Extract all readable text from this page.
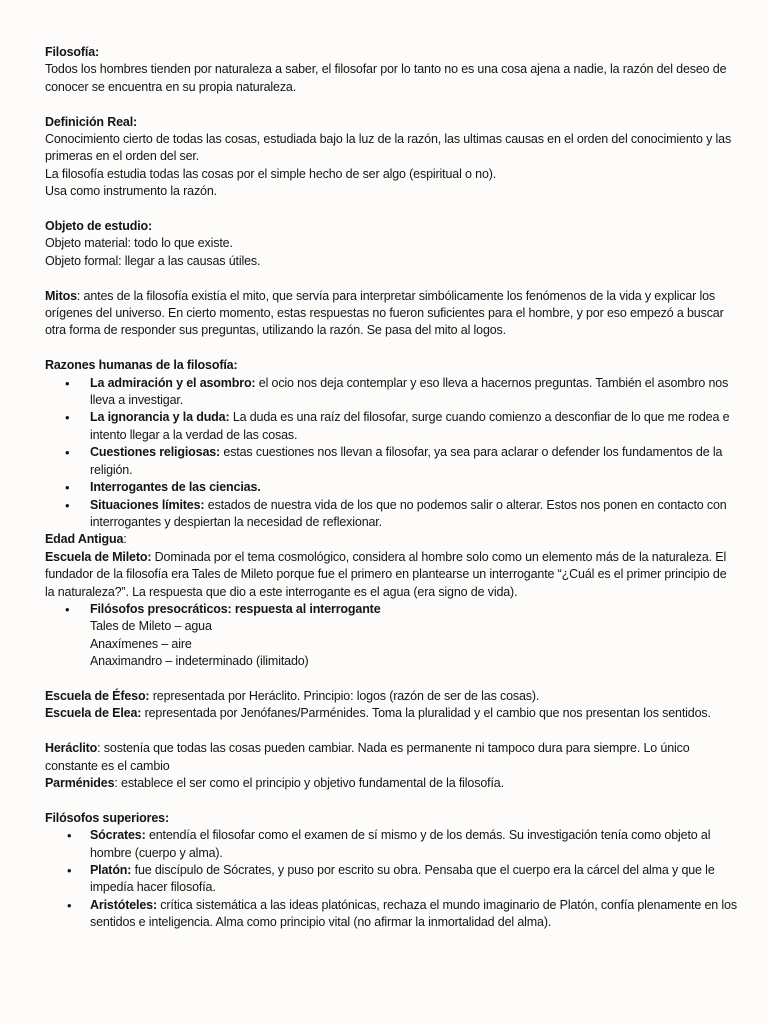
Filosofía:

Todos los hombres tienden por naturaleza a saber, el filosofar por lo tanto no es una cosa ajena a nadie, la razón del deseo de conocer se encuentra en su propia naturaleza.

Definición Real:

Conocimiento cierto de todas las cosas, estudiada bajo la luz de la razón, las ultimas causas en el orden del conocimiento y las primeras en el orden del ser.

La filosofía estudia todas las cosas por el simple hecho de ser algo (espiritual o no).

Usa como instrumento la razón.

Objeto de estudio:

Objeto material: todo lo que existe.

Objeto formal: llegar a las causas útiles.

Mitos: antes de la filosofía existía el mito, que servía para interpretar simbólicamente los fenómenos de la vida y explicar los orígenes del universo. En cierto momento, estas respuestas no fueron suficientes para el hombre, y por eso empezó a buscar otra forma de responder sus preguntas, utilizando la razón. Se pasa del mito al logos.

Razones humanas de la filosofía:

• La admiración y el asombro: el ocio nos deja contemplar y eso lleva a hacernos preguntas. También el asombro nos lleva a investigar.
• La ignorancia y la duda: La duda es una raíz del filosofar, surge cuando comienzo a desconfiar de lo que me rodea e intento llegar a la verdad de las cosas.
• Cuestiones religiosas: estas cuestiones nos llevan a filosofar, ya sea para aclarar o defender los fundamentos de la religión.
• Interrogantes de las ciencias.
• Situaciones límites: estados de nuestra vida de los que no podemos salir o alterar. Estos nos ponen en contacto con interrogantes y despiertan la necesidad de reflexionar.

Edad Antigua:

Escuela de Mileto: Dominada por el tema cosmológico, considera al hombre solo como un elemento más de la naturaleza. El fundador de la filosofía era Tales de Mileto porque fue el primero en plantearse un interrogante “¿Cuál es el primer principio de la naturaleza?”. La respuesta que dio a este interrogante es el agua (era signo de vida).

• Filósofos presocráticos: respuesta al interrogante

Tales de Mileto – agua

Anaxímenes – aire

Anaximandro – indeterminado (ilimitado)

Escuela de Éfeso: representada por Heráclito. Principio: logos (razón de ser de las cosas).

Escuela de Elea: representada por Jenófanes/Parménides. Toma la pluralidad y el cambio que nos presentan los sentidos.

Heráclito: sostenía que todas las cosas pueden cambiar. Nada es permanente ni tampoco dura para siempre. Lo único constante es el cambio

Parménides: establece el ser como el principio y objetivo fundamental de la filosofía.

Filósofos superiores:

• Sócrates: entendía el filosofar como el examen de sí mismo y de los demás. Su investigación tenía como objeto al hombre (cuerpo y alma).
• Platón: fue discípulo de Sócrates, y puso por escrito su obra. Pensaba que el cuerpo era la cárcel del alma y que le impedía hacer filosofía.
• Aristóteles: crítica sistemática a las ideas platónicas, rechaza el mundo imaginario de Platón, confía plenamente en los sentidos e inteligencia. Alma como principio vital (no afirmar la inmortalidad del alma).
